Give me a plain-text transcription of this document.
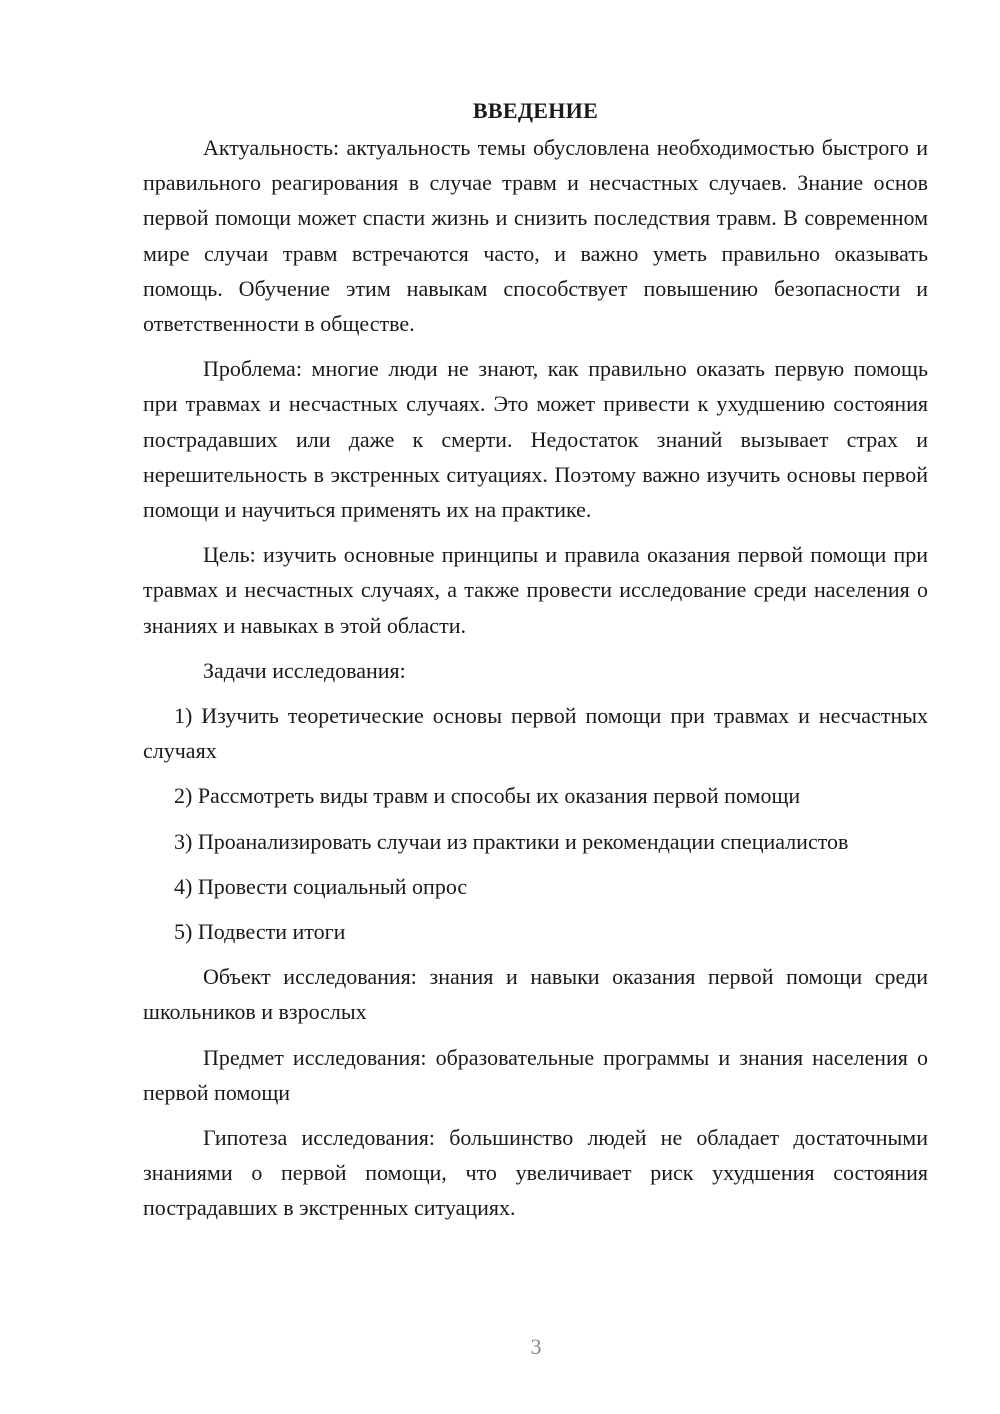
ВВЕДЕНИЕ

Актуальность: актуальность темы обусловлена необходимостью быстрого и правильного реагирования в случае травм и несчастных случаев. Знание основ первой помощи может спасти жизнь и снизить последствия травм. В современном мире случаи травм встречаются часто, и важно уметь правильно оказывать помощь. Обучение этим навыкам способствует повышению безопасности и ответственности в обществе.

Проблема: многие люди не знают, как правильно оказать первую помощь при травмах и несчастных случаях. Это может привести к ухудшению состояния пострадавших или даже к смерти. Недостаток знаний вызывает страх и нерешительность в экстренных ситуациях. Поэтому важно изучить основы первой помощи и научиться применять их на практике.

Цель: изучить основные принципы и правила оказания первой помощи при травмах и несчастных случаях, а также провести исследование среди населения о знаниях и навыках в этой области.

Задачи исследования:

1) Изучить теоретические основы первой помощи при травмах и несчастных случаях

2) Рассмотреть виды травм и способы их оказания первой помощи

3) Проанализировать случаи из практики и рекомендации специалистов

4) Провести социальный опрос

5) Подвести итоги

Объект исследования: знания и навыки оказания первой помощи среди школьников и взрослых

Предмет исследования: образовательные программы и знания населения о первой помощи

Гипотеза исследования: большинство людей не обладает достаточными знаниями о первой помощи, что увеличивает риск ухудшения состояния пострадавших в экстренных ситуациях.

3
